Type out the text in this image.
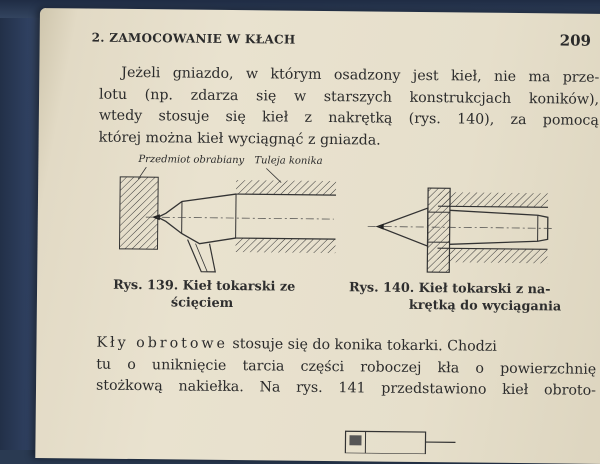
2. ZAMOCOWANIE W KŁACH	209
Jeżeli gniazdo, w którym osadzony jest kieł, nie ma prze-
lotu (np. zdarza się w starszych konstrukcjach koników),
wtedy stosuje się kieł z nakrętką (rys. 140), za pomocą
której można kieł wyciągnąć z gniazda.
Przedmiot obrabiany Tuleja konika
Rys. 139. Kieł tokarski ze
ścięciem
Rys. 140. Kieł tokarski z na-
krętką do wyciągania
Kły obrotowe stosuje się do konika tokarki. Chodzi
tu o uniknięcie tarcia części roboczej kła o powierzchnię
stożkową nakiełka. Na rys. 141 przedstawiono kieł obroto-
